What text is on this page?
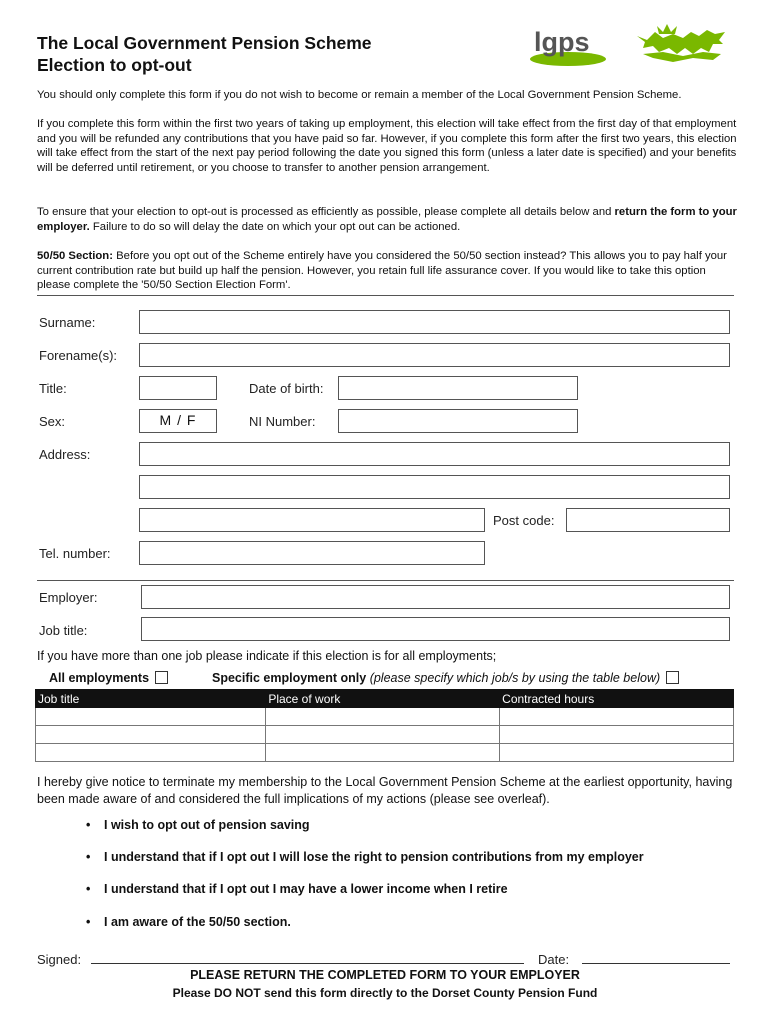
The Local Government Pension Scheme
Election to opt-out
lgps
You should only complete this form if you do not wish to become or remain a member of the Local Government Pension Scheme.
If you complete this form within the first two years of taking up employment, this election will take effect from the first day of that employment and you will be refunded any contributions that you have paid so far. However, if you complete this form after the first two years, this election will take effect from the start of the next pay period following the date you signed this form (unless a later date is specified) and your benefits will be deferred until retirement, or you choose to transfer to another pension arrangement.
To ensure that your election to opt-out is processed as efficiently as possible, please complete all details below and return the form to your employer. Failure to do so will delay the date on which your opt out can be actioned.
50/50 Section: Before you opt out of the Scheme entirely have you considered the 50/50 section instead? This allows you to pay half your current contribution rate but build up half the pension. However, you retain full life assurance cover. If you would like to take this option please complete the '50/50 Section Election Form'.
Surname:
Forename(s):
Title:	Date of birth:
Sex:	M / F	NI Number:
Address:
Post code:
Tel. number:
Employer:
Job title:
If you have more than one job please indicate if this election is for all employments;
All employments	Specific employment only (please specify which job/s by using the table below)
Job title	Place of work	Contracted hours

I hereby give notice to terminate my membership to the Local Government Pension Scheme at the earliest opportunity, having been made aware of and considered the full implications of my actions (please see overleaf).
• I wish to opt out of pension saving
• I understand that if I opt out I will lose the right to pension contributions from my employer
• I understand that if I opt out I may have a lower income when I retire
• I am aware of the 50/50 section.
Signed:	Date:
PLEASE RETURN THE COMPLETED FORM TO YOUR EMPLOYER
Please DO NOT send this form directly to the Dorset County Pension Fund
